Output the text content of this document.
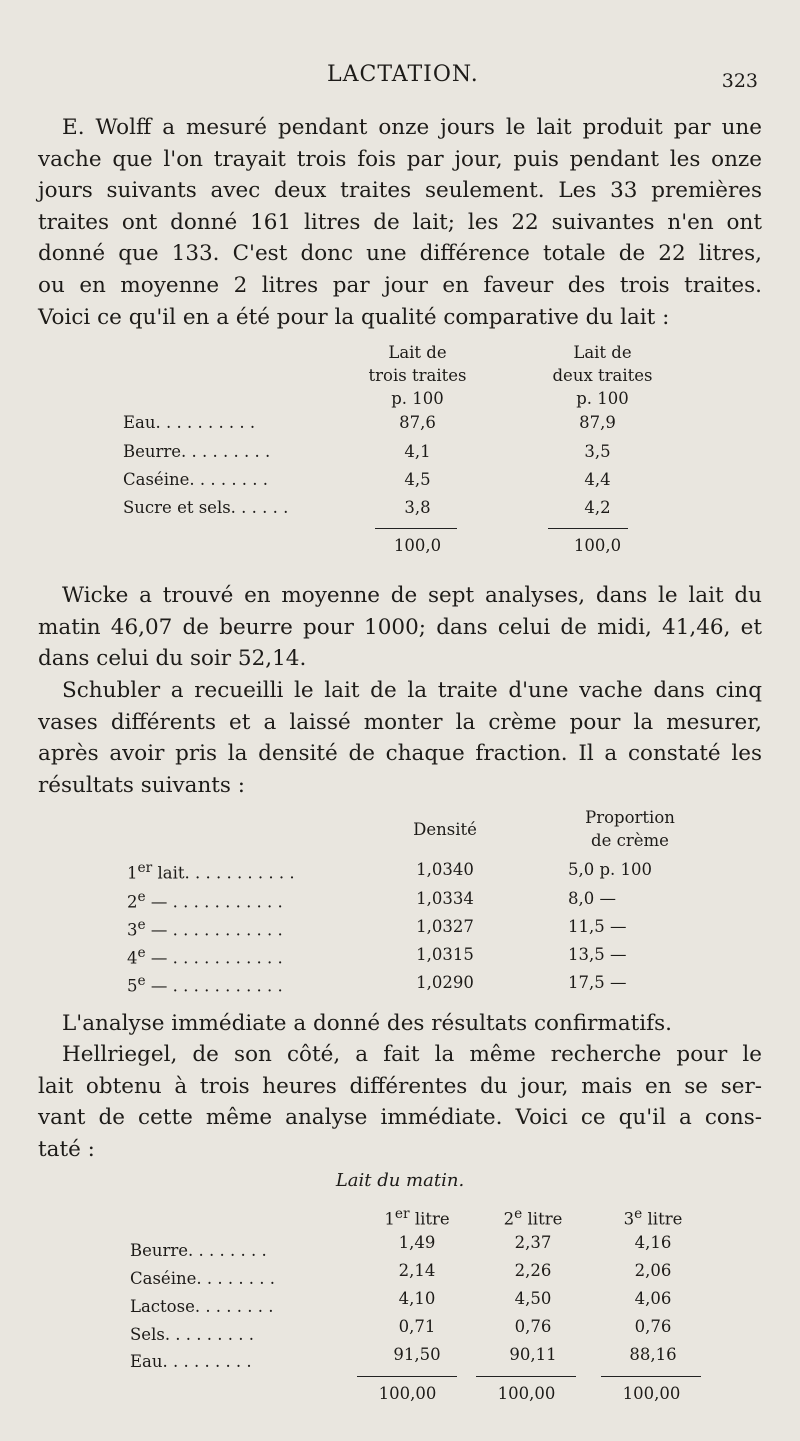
LACTATION.	323

E. Wolff a mesuré pendant onze jours le lait produit par une
vache que l'on trayait trois fois par jour, puis pendant les onze
jours suivants avec deux traites seulement. Les 33 premières
traites ont donné 161 litres de lait; les 22 suivantes n'en ont
donné que 133. C'est donc une différence totale de 22 litres,
ou en moyenne 2 litres par jour en faveur des trois traites.
Voici ce qu'il en a été pour la qualité comparative du lait :

Lait de
trois traites
p. 100
Lait de
deux traites
p. 100
Eau. . . . . . . . . .	87,6	87,9
Beurre. . . . . . . . .	4,1	3,5
Caséine. . . . . . . .	4,5	4,4
Sucre et sels. . . . . .	3,8	4,2
100,0	100,0

Wicke a trouvé en moyenne de sept analyses, dans le lait du
matin 46,07 de beurre pour 1000; dans celui de midi, 41,46, et
dans celui du soir 52,14.

Schubler a recueilli le lait de la traite d'une vache dans cinq
vases différents et a laissé monter la crème pour la mesurer,
après avoir pris la densité de chaque fraction. Il a constaté les
résultats suivants :

Densité
Proportion
de crème
1er lait. . . . . . . . . . .	1,0340	5,0 p. 100
2e — . . . . . . . . . . .	1,0334	8,0 —
3e — . . . . . . . . . . .	1,0327	11,5 —
4e — . . . . . . . . . . .	1,0315	13,5 —
5e — . . . . . . . . . . .	1,0290	17,5 —

L'analyse immédiate a donné des résultats confirmatifs.

Hellriegel, de son côté, a fait la même recherche pour le
lait obtenu à trois heures différentes du jour, mais en se ser-
vant de cette même analyse immédiate. Voici ce qu'il a cons-
taté :

Lait du matin.
1er litre	2e litre	3e litre
Beurre. . . . . . . .	1,49	2,37	4,16
Caséine. . . . . . . .	2,14	2,26	2,06
Lactose. . . . . . . .	4,10	4,50	4,06
Sels. . . . . . . . .	0,71	0,76	0,76
Eau. . . . . . . . .	91,50	90,11	88,16
100,00	100,00	100,00
